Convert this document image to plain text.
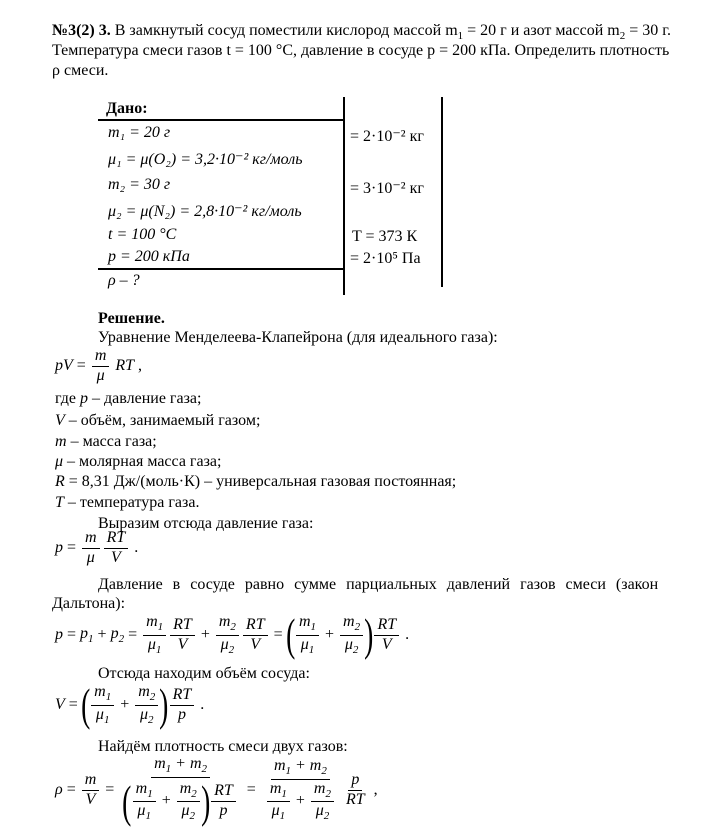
№3(2) 3. В замкнутый сосуд поместили кислород массой $m_1 = 20$ г и азот массой $m_2 = 30$ г.
Температура смеси газов t = 100 °С, давление в сосуде p = 200 кПа. Определить плотность
ρ смеси.
Дано:
m₁ = 20 г
μ₁ = μ(O₂) = 3,2·10⁻² кг/моль
m₂ = 30 г
μ₂ = μ(N₂) = 2,8·10⁻² кг/моль
t = 100 °C
p = 200 кПа
ρ – ?
= 2·10⁻² кг
= 3·10⁻² кг
T = 373 К
= 2·10⁵ Па
Решение.
Уравнение Менделеева-Клапейрона (для идеального газа):
pV = $\frac{m}{\mu}$ RT ,
где p – давление газа;
V – объём, занимаемый газом;
m – масса газа;
μ – молярная масса газа;
R = 8,31 Дж/(моль·К) – универсальная газовая постоянная;
T – температура газа.
Выразим отсюда давление газа:
$p = \frac{m}{\mu} \frac{RT}{V}$ .
Давление в сосуде равно сумме парциальных давлений газов смеси (закон
Дальтона):
$p = p_1 + p_2 = \frac{m_1}{\mu_1} \frac{RT}{V} + \frac{m_2}{\mu_2} \frac{RT}{V}$ = ( $\frac{m_1}{\mu_1} + \frac{m_2}{\mu_2}$ ) $\frac{RT}{V}$ .
Отсюда находим объём сосуда:
V = ( $\frac{m_1}{\mu_1} + \frac{m_2}{\mu_2}$ ) $\frac{RT}{p}$ .
Найдём плотность смеси двух газов:
$\rho = \frac{m}{V} = \frac{m_1 + m_2}{( \frac{m_1}{\mu_1} + \frac{m_2}{\mu_2} ) \frac{RT}{p}} = \frac{m_1 + m_2}{\frac{m_1}{\mu_1} + \frac{m_2}{\mu_2}} \frac{p}{RT}$ ,
